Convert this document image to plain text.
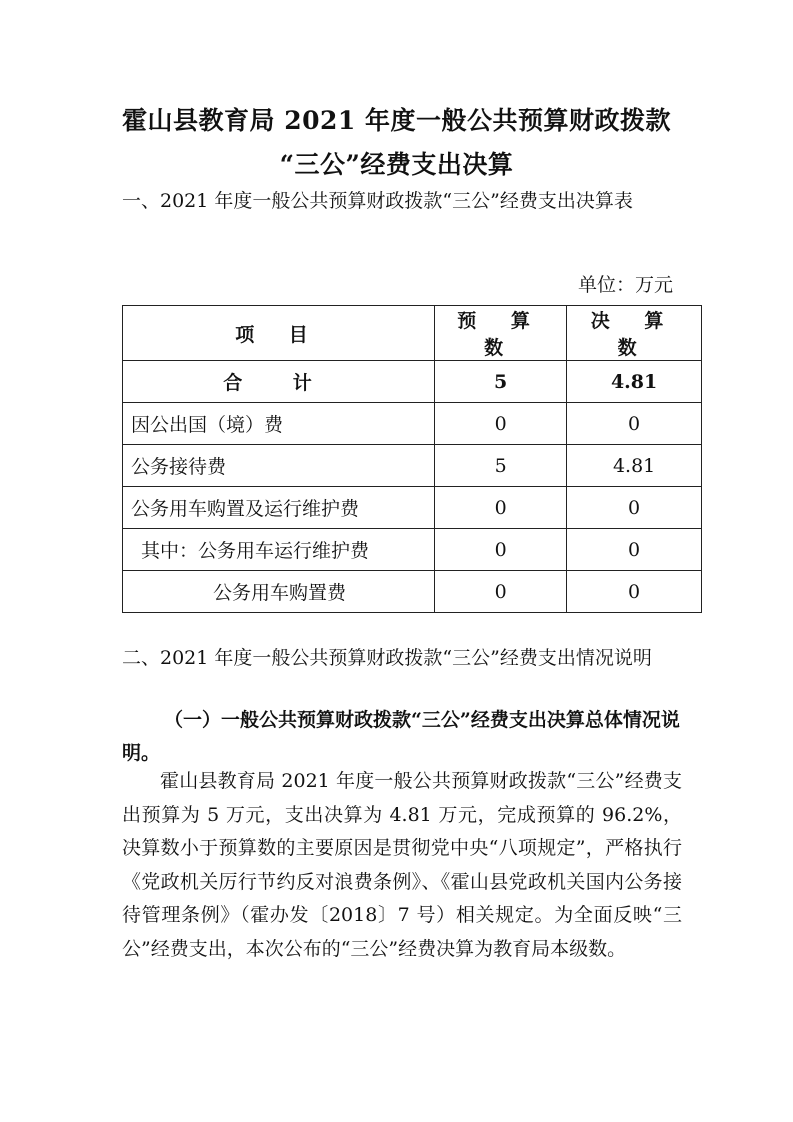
霍山县教育局 2021 年度一般公共预算财政拨款
“三公”经费支出决算
一、2021 年度一般公共预算财政拨款“三公”经费支出决算表
单位：万元
项 目	预 算 数	决 算 数
合 计	5	4.81
因公出国（境）费	0	0
公务接待费	5	4.81
公务用车购置及运行维护费	0	0
其中：公务用车运行维护费	0	0
公务用车购置费	0	0
二、2021 年度一般公共预算财政拨款“三公”经费支出情况说明
（一）一般公共预算财政拨款“三公”经费支出决算总体情况说明。
霍山县教育局 2021 年度一般公共预算财政拨款“三公”经费支出预算为 5 万元，支出决算为 4.81 万元，完成预算的 96.2%，决算数小于预算数的主要原因是贯彻党中央“八项规定”，严格执行《党政机关厉行节约反对浪费条例》、《霍山县党政机关国内公务接待管理条例》（霍办发〔2018〕7 号）相关规定。为全面反映“三公”经费支出，本次公布的“三公”经费决算为教育局本级数。
